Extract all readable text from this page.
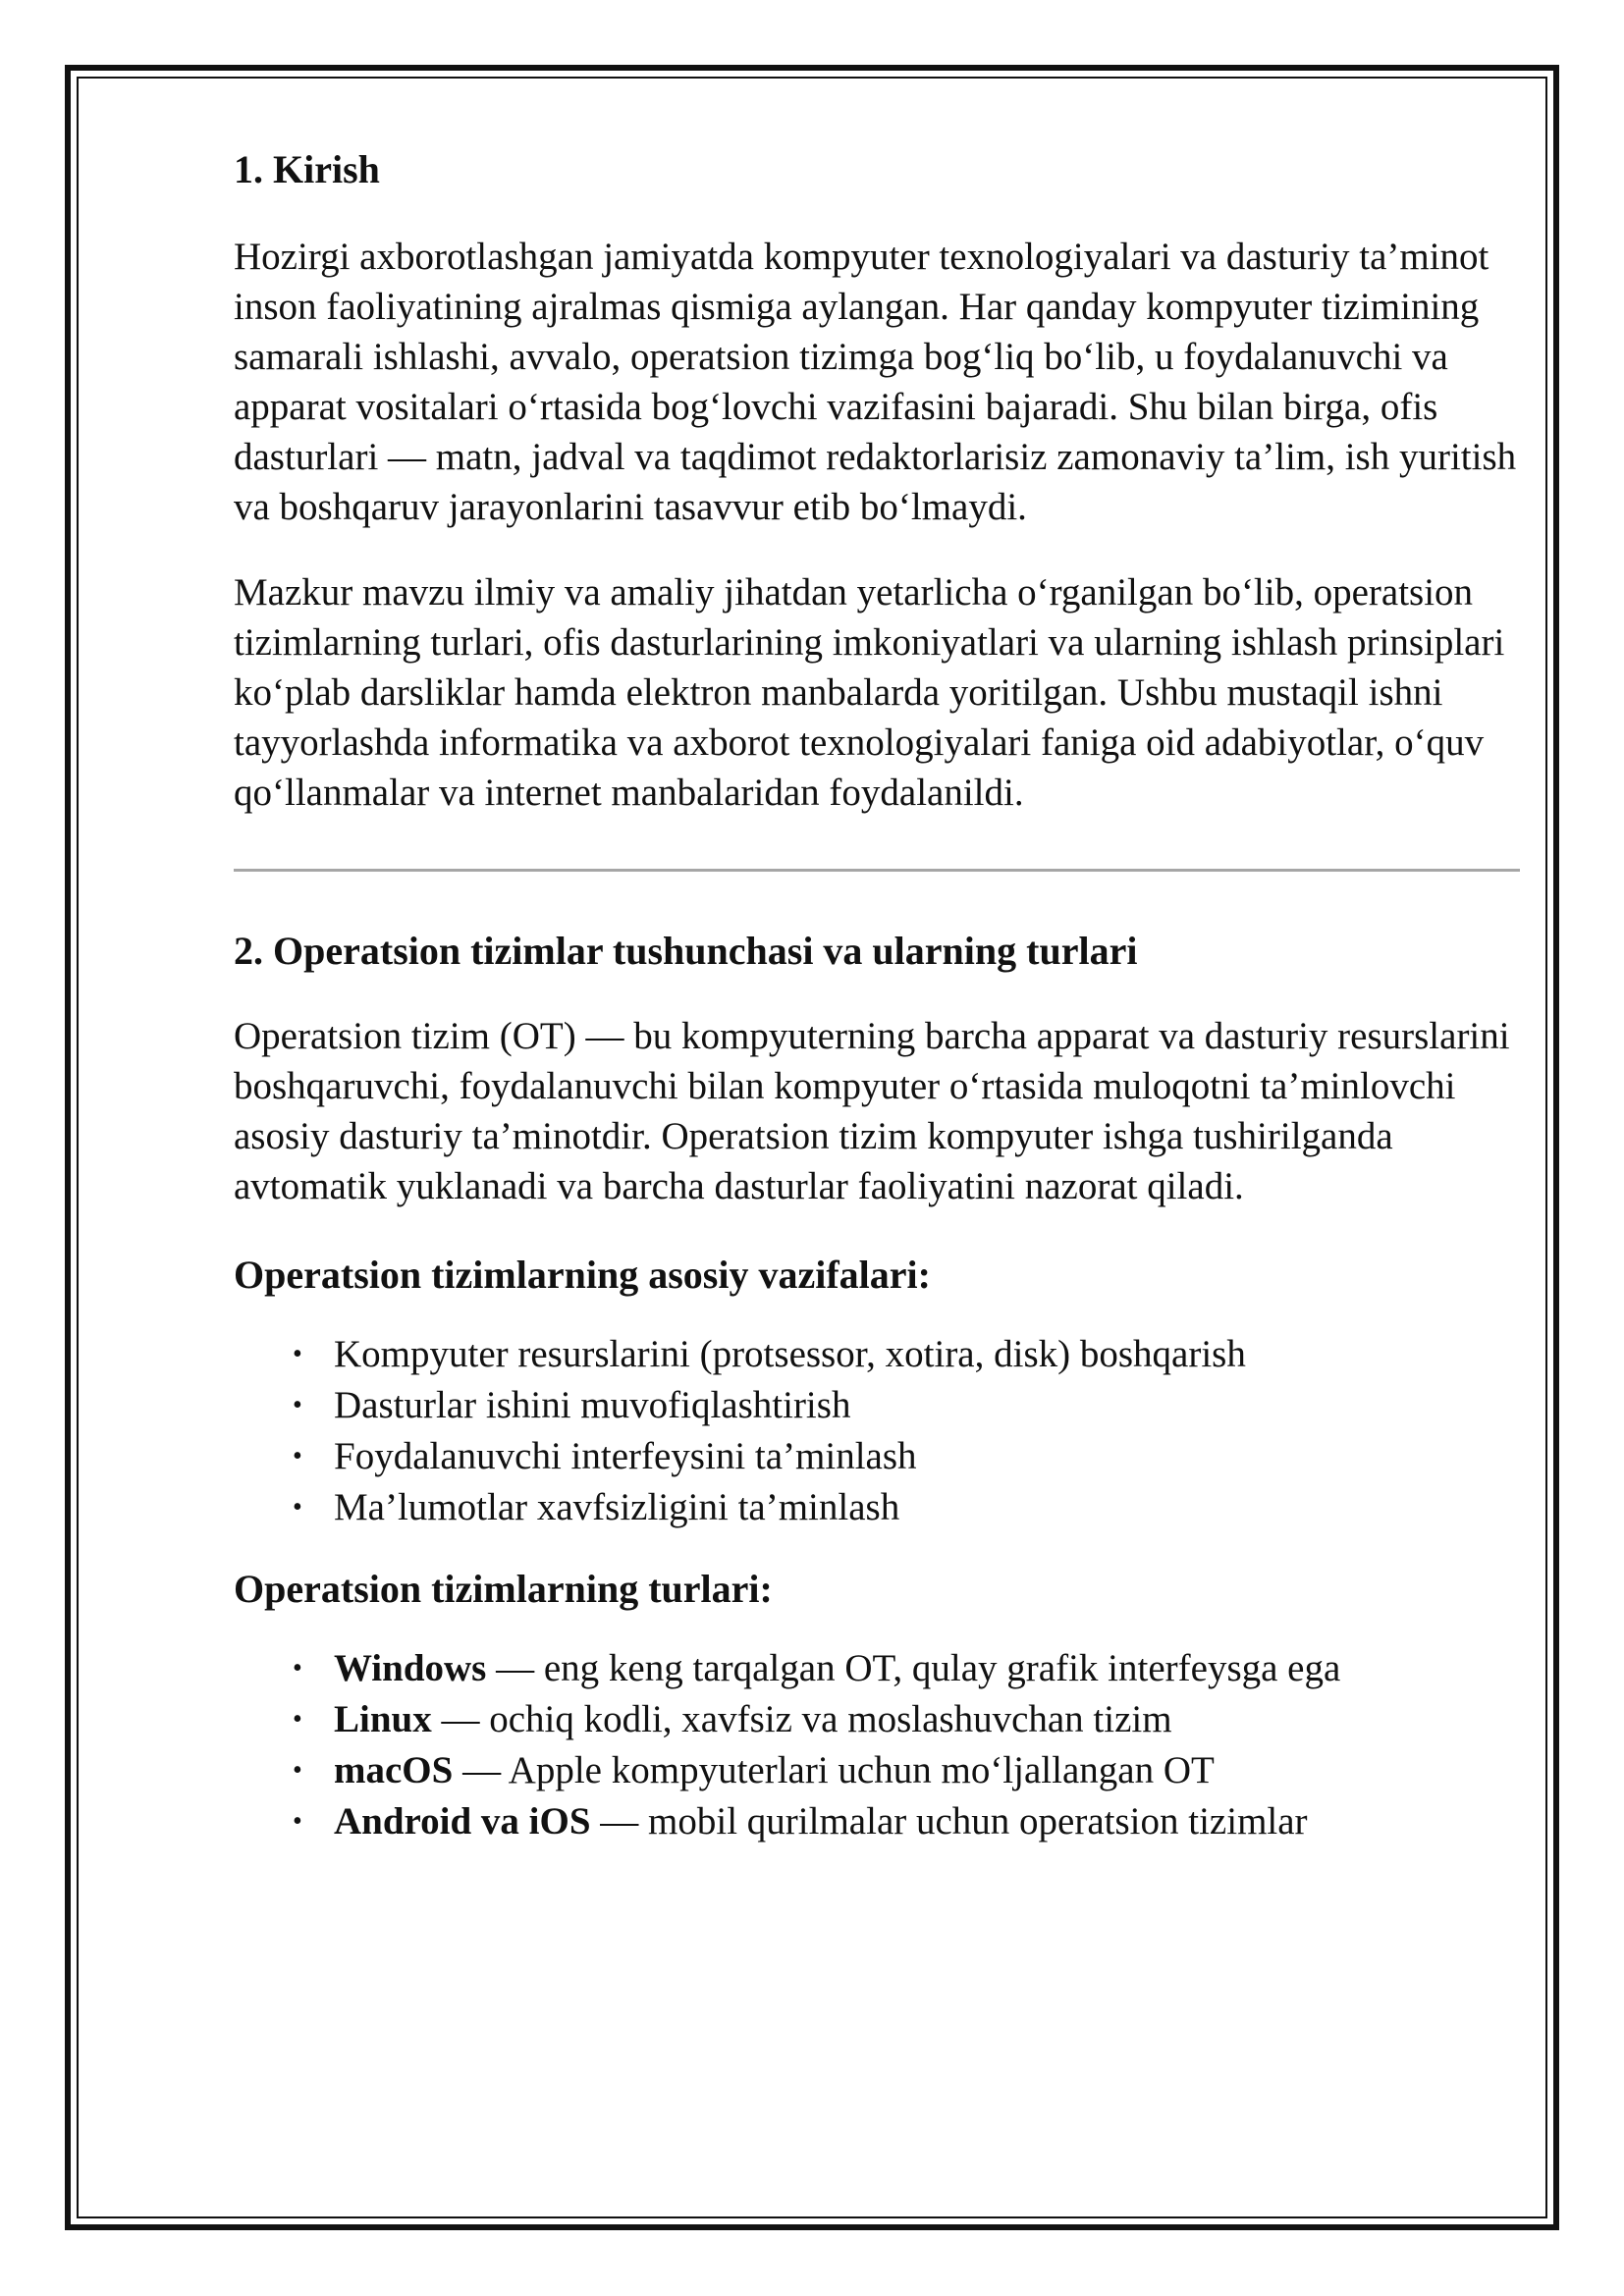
1. Kirish

Hozirgi axborotlashgan jamiyatda kompyuter texnologiyalari va dasturiy ta’minot inson faoliyatining ajralmas qismiga aylangan. Har qanday kompyuter tizimining samarali ishlashi, avvalo, operatsion tizimga bog‘liq bo‘lib, u foydalanuvchi va apparat vositalari o‘rtasida bog‘lovchi vazifasini bajaradi. Shu bilan birga, ofis dasturlari — matn, jadval va taqdimot redaktorlarisiz zamonaviy ta’lim, ish yuritish va boshqaruv jarayonlarini tasavvur etib bo‘lmaydi.

Mazkur mavzu ilmiy va amaliy jihatdan yetarlicha o‘rganilgan bo‘lib, operatsion tizimlarning turlari, ofis dasturlarining imkoniyatlari va ularning ishlash prinsiplari ko‘plab darsliklar hamda elektron manbalarda yoritilgan. Ushbu mustaqil ishni tayyorlashda informatika va axborot texnologiyalari faniga oid adabiyotlar, o‘quv qo‘llanmalar va internet manbalaridan foydalanildi.

2. Operatsion tizimlar tushunchasi va ularning turlari

Operatsion tizim (OT) — bu kompyuterning barcha apparat va dasturiy resurslarini boshqaruvchi, foydalanuvchi bilan kompyuter o‘rtasida muloqotni ta’minlovchi asosiy dasturiy ta’minotdir. Operatsion tizim kompyuter ishga tushirilganda avtomatik yuklanadi va barcha dasturlar faoliyatini nazorat qiladi.

Operatsion tizimlarning asosiy vazifalari:
• Kompyuter resurslarini (protsessor, xotira, disk) boshqarish
• Dasturlar ishini muvofiqlashtirish
• Foydalanuvchi interfeysini ta’minlash
• Ma’lumotlar xavfsizligini ta’minlash
Operatsion tizimlarning turlari:
• Windows — eng keng tarqalgan OT, qulay grafik interfeysga ega
• Linux — ochiq kodli, xavfsiz va moslashuvchan tizim
• macOS — Apple kompyuterlari uchun mo‘ljallangan OT
• Android va iOS — mobil qurilmalar uchun operatsion tizimlar
